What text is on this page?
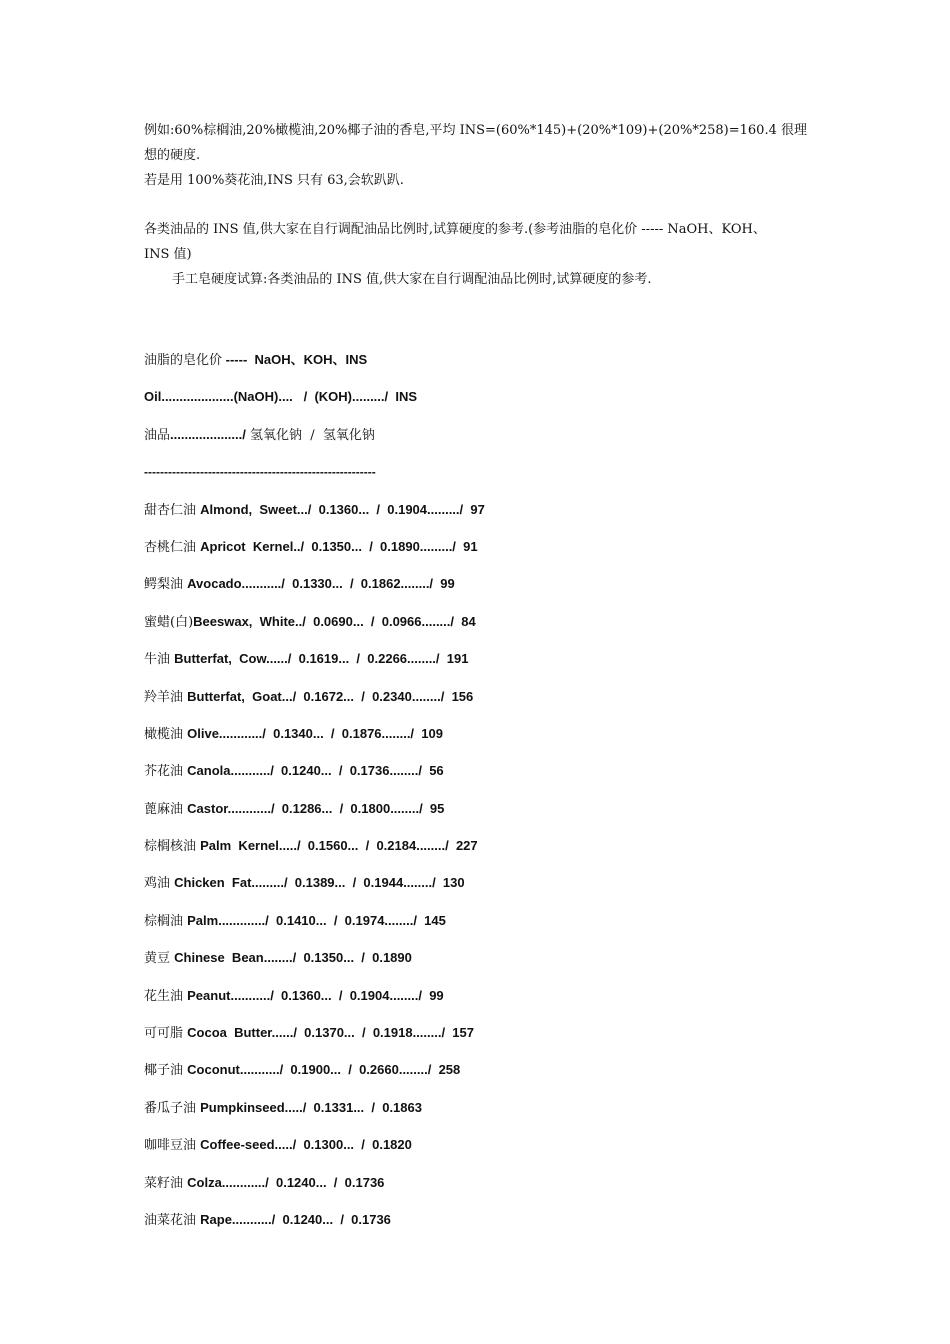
例如:60%棕榈油,20%橄榄油,20%椰子油的香皂,平均 INS=(60%*145)+(20%*109)+(20%*258)=160.4 很理
想的硬度.

若是用 100%葵花油,INS 只有 63,会软趴趴.

各类油品的 INS 值,供大家在自行调配油品比例时,试算硬度的参考.(参考油脂的皂化价 ----- NaOH、KOH、
INS 值)

手工皂硬度试算:各类油品的 INS 值,供大家在自行调配油品比例时,试算硬度的参考.

油脂的皂化价 -----  NaOH、KOH、INS
Oil....................(NaOH)....   /  (KOH)........./  INS
油品..................../ 氢氧化钠  /  氢氧化钠
----------------------------------------------------------
甜杏仁油 Almond,  Sweet.../  0.1360...  /  0.1904........./  97
杏桃仁油 Apricot  Kernel../  0.1350...  /  0.1890........./  91
鳄梨油 Avocado.........../  0.1330...  /  0.1862......../  99
蜜蜡(白)Beeswax,  White../  0.0690...  /  0.0966......../  84
牛油 Butterfat,  Cow....../  0.1619...  /  0.2266......../  191
羚羊油 Butterfat,  Goat.../  0.1672...  /  0.2340......../  156
橄榄油 Olive............/  0.1340...  /  0.1876......../  109
芥花油 Canola.........../  0.1240...  /  0.1736......../  56
蓖麻油 Castor............/  0.1286...  /  0.1800......../  95
棕榈核油 Palm  Kernel...../  0.1560...  /  0.2184......../  227
鸡油 Chicken  Fat........./  0.1389...  /  0.1944......../  130
棕榈油 Palm............./  0.1410...  /  0.1974......../  145
黄豆 Chinese  Bean......../  0.1350...  /  0.1890
花生油 Peanut.........../  0.1360...  /  0.1904......../  99
可可脂 Cocoa  Butter....../  0.1370...  /  0.1918......../  157
椰子油 Coconut.........../  0.1900...  /  0.2660......../  258
番瓜子油 Pumpkinseed...../  0.1331...  /  0.1863
咖啡豆油 Coffee-seed...../  0.1300...  /  0.1820
菜籽油 Colza............/  0.1240...  /  0.1736
油菜花油 Rape.........../  0.1240...  /  0.1736
